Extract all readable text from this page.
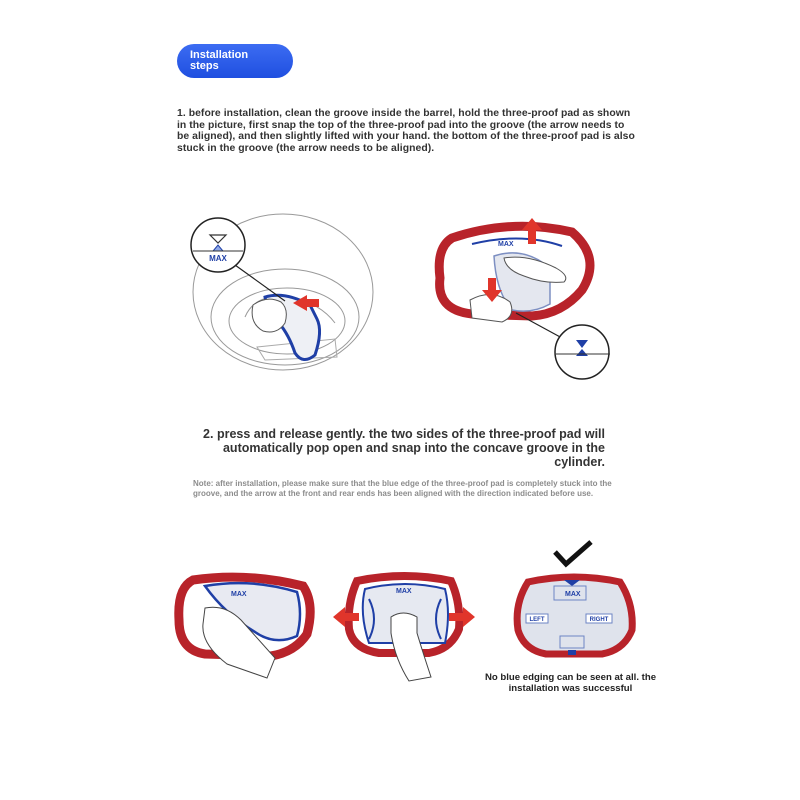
Installation
steps
1. before installation, clean the groove inside the barrel, hold the three-proof pad as shown in the picture, first snap the top of the three-proof pad into the groove (the arrow needs to be aligned), and then slightly lifted with your hand. the bottom of the three-proof pad is also stuck in the groove (the arrow needs to be aligned).
MAX
MAX
2. press and release gently. the two sides of the three-proof pad will automatically pop open and snap into the concave groove in the cylinder.
Note: after installation, please make sure that the blue edge of the three-proof pad is completely stuck into the groove, and the arrow at the front and rear ends has been aligned with the direction indicated before use.
MAX	MAX	MAX
LEFT	RIGHT
No blue edging can be seen at all. the installation was successful
